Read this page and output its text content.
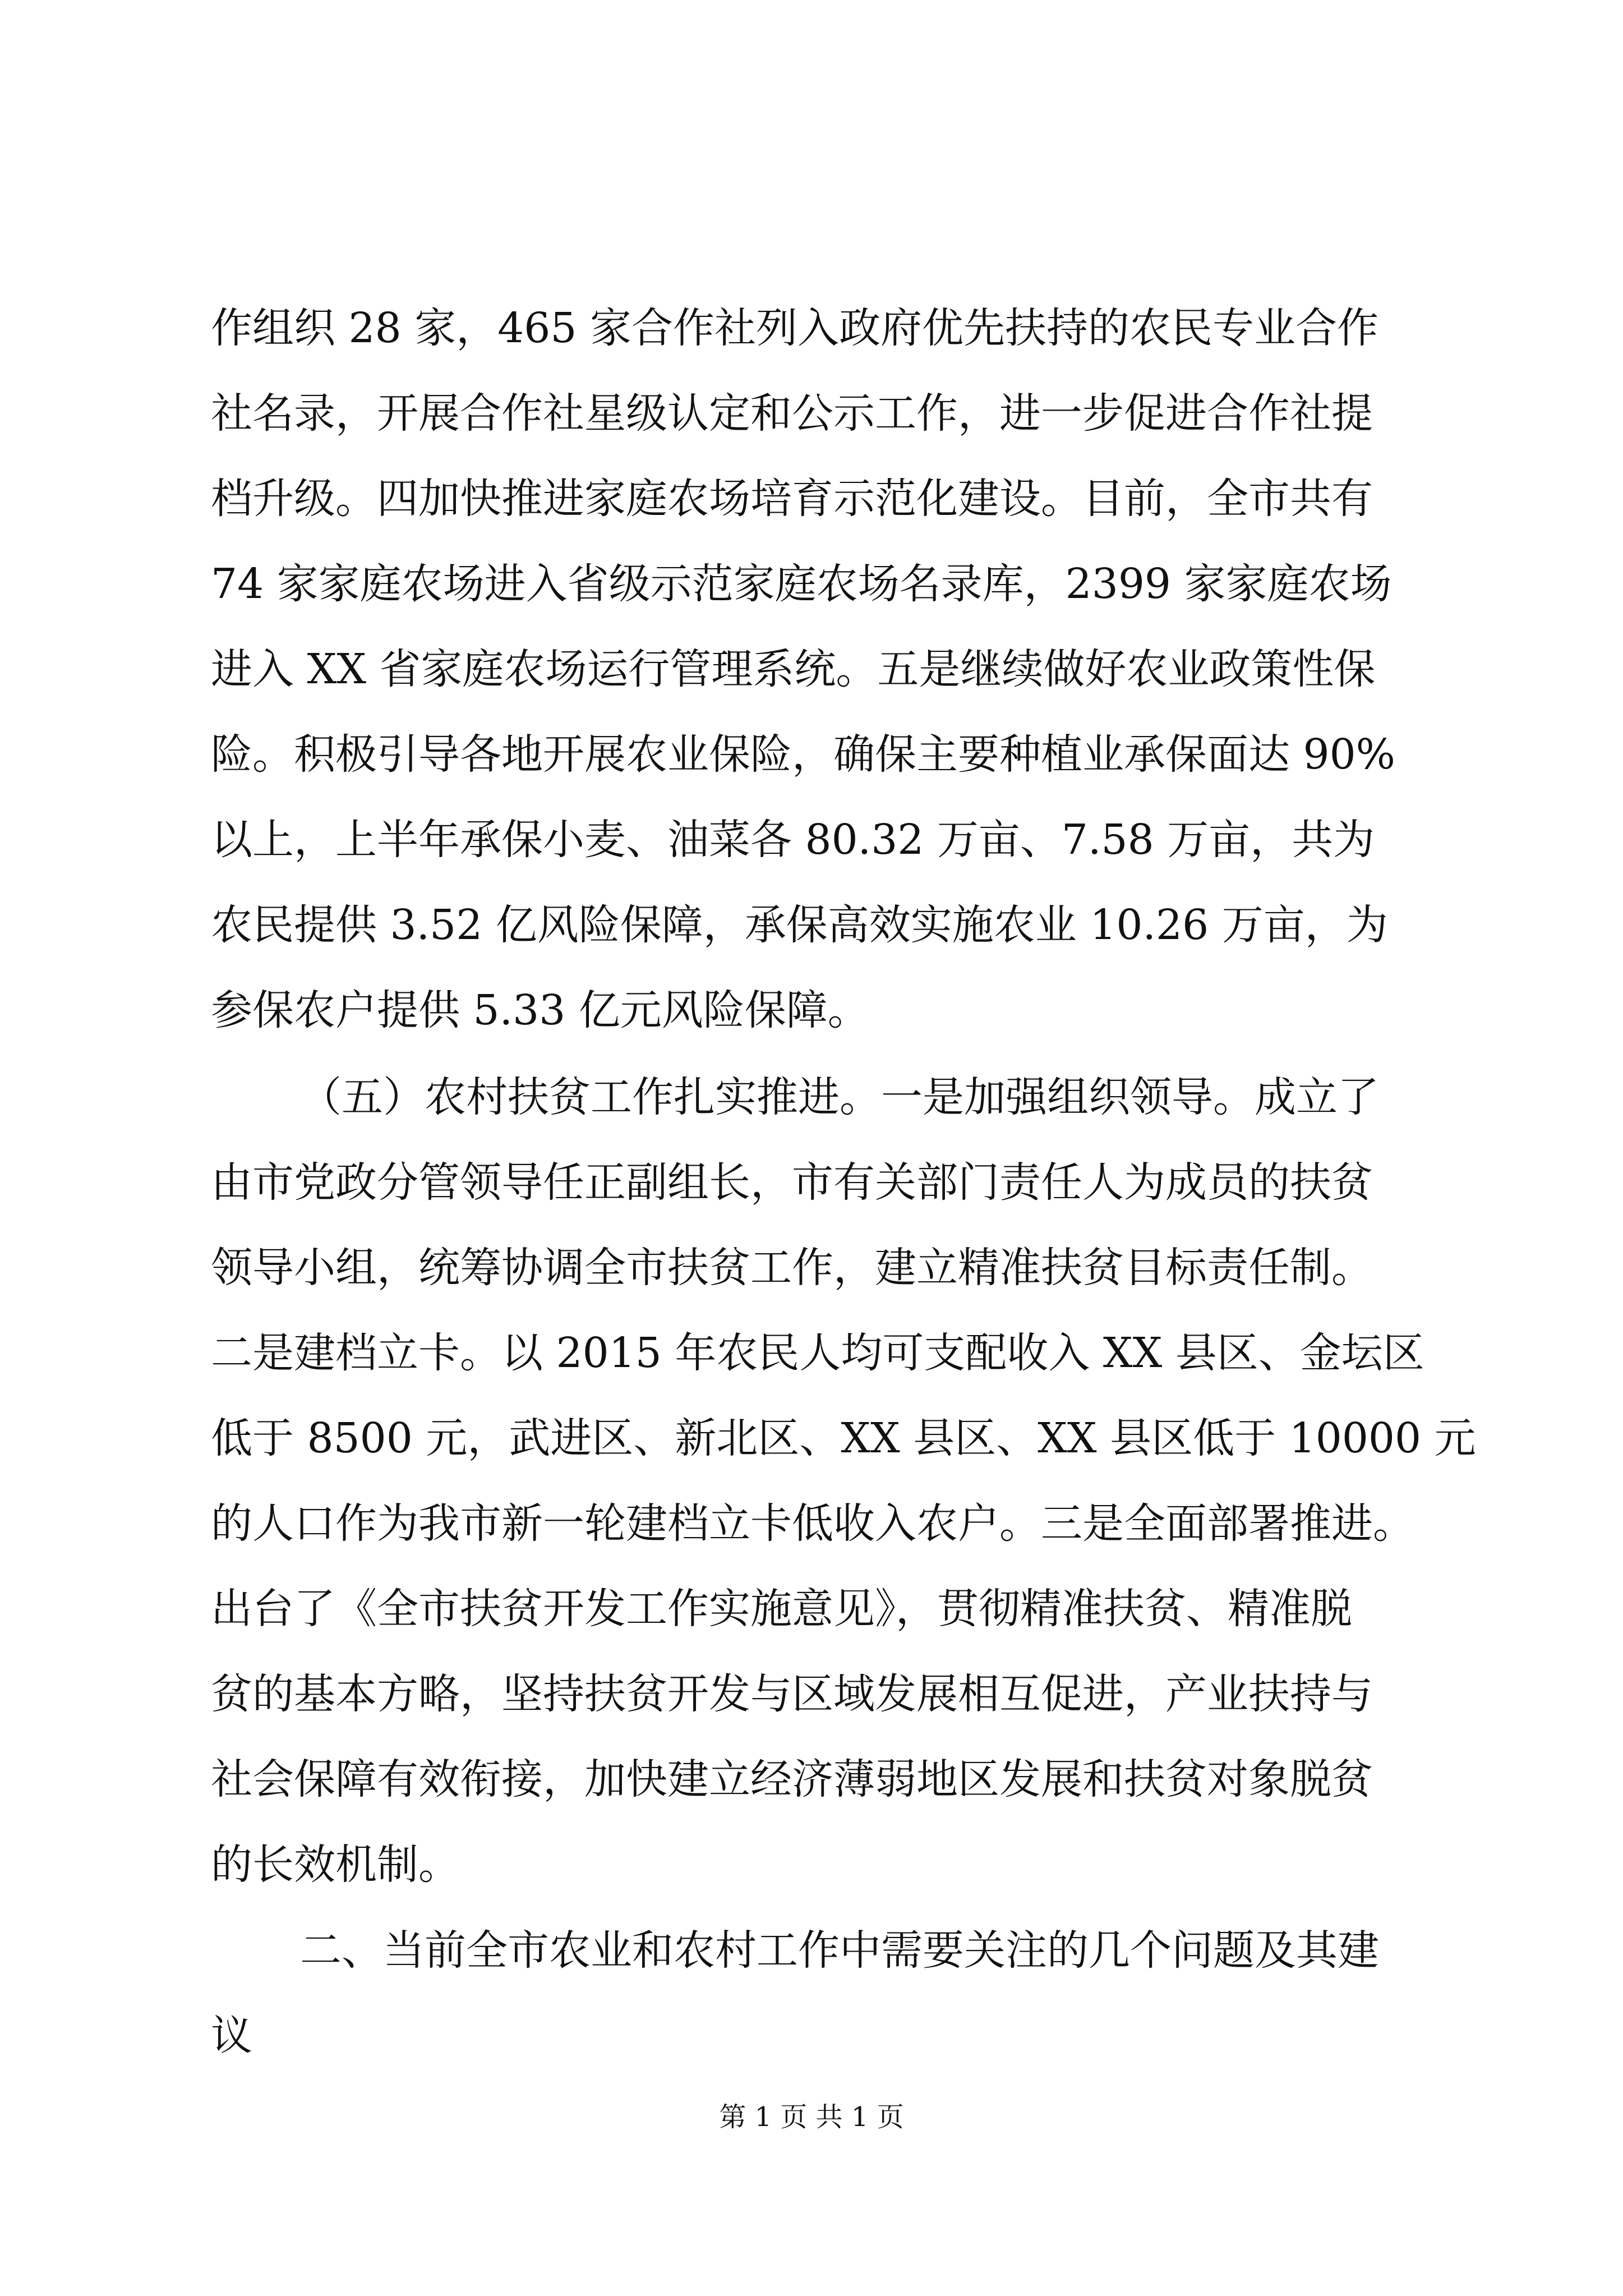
作组织 28 家，465 家合作社列入政府优先扶持的农民专业合作
社名录，开展合作社星级认定和公示工作，进一步促进合作社提
档升级。四加快推进家庭农场培育示范化建设。目前，全市共有
74 家家庭农场进入省级示范家庭农场名录库，2399 家家庭农场
进入 XX 省家庭农场运行管理系统。五是继续做好农业政策性保
险。积极引导各地开展农业保险，确保主要种植业承保面达 90%
以上，上半年承保小麦、油菜各 80.32 万亩、7.58 万亩，共为
农民提供 3.52 亿风险保障，承保高效实施农业 10.26 万亩，为
参保农户提供 5.33 亿元风险保障。
（五）农村扶贫工作扎实推进。一是加强组织领导。成立了
由市党政分管领导任正副组长，市有关部门责任人为成员的扶贫
领导小组，统筹协调全市扶贫工作，建立精准扶贫目标责任制。
二是建档立卡。以 2015 年农民人均可支配收入 XX 县区、金坛区
低于 8500 元，武进区、新北区、XX 县区、XX 县区低于 10000 元
的人口作为我市新一轮建档立卡低收入农户。三是全面部署推进。
出台了《全市扶贫开发工作实施意见》，贯彻精准扶贫、精准脱
贫的基本方略，坚持扶贫开发与区域发展相互促进，产业扶持与
社会保障有效衔接，加快建立经济薄弱地区发展和扶贫对象脱贫
的长效机制。
二、当前全市农业和农村工作中需要关注的几个问题及其建
议
第 1 页 共 1 页
